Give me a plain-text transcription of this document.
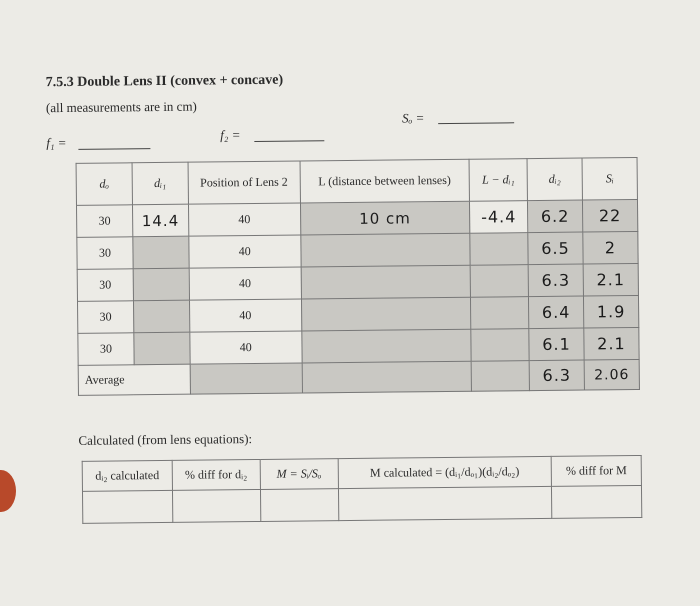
7.5.3 Double Lens II (convex + concave)
(all measurements are in cm)
f₁ =
f₂ =
Sₒ =
dₒ	dᵢ₁	Position of Lens 2	L (distance between lenses)	L − dᵢ₁	dᵢ₂	Sᵢ
30	14.4	40	10 cm	-4.4	6.2	22
30		40			6.5	2
30		40			6.3	2.1
30		40			6.4	1.9
30		40			6.1	2.1
Average					6.3	2.06
Calculated (from lens equations):
dᵢ₂ calculated	% diff for dᵢ₂	M = Sᵢ/Sₒ	M calculated = (dᵢ₁/dₒ₁)(dᵢ₂/dₒ₂)	% diff for M
